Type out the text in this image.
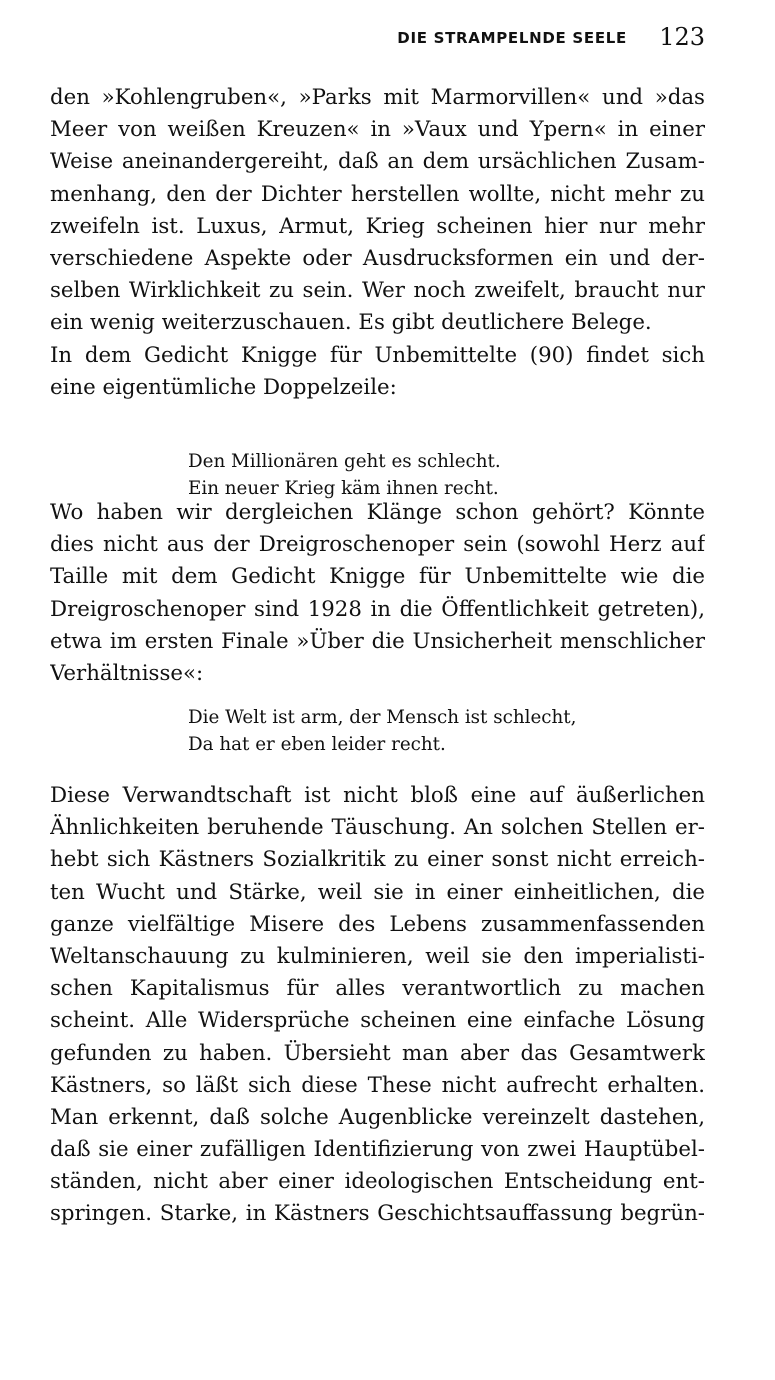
DIE STRAMPELNDE SEELE 123
den »Kohlengruben«, »Parks mit Marmorvillen« und »das
Meer von weißen Kreuzen« in »Vaux und Ypern« in einer
Weise aneinandergereiht, daß an dem ursächlichen Zusam-
menhang, den der Dichter herstellen wollte, nicht mehr zu
zweifeln ist. Luxus, Armut, Krieg scheinen hier nur mehr
verschiedene Aspekte oder Ausdrucksformen ein und der-
selben Wirklichkeit zu sein. Wer noch zweifelt, braucht nur
ein wenig weiterzuschauen. Es gibt deutlichere Belege.
In dem Gedicht Knigge für Unbemittelte (90) findet sich
eine eigentümliche Doppelzeile:
Den Millionären geht es schlecht.
Ein neuer Krieg käm ihnen recht.
Wo haben wir dergleichen Klänge schon gehört? Könnte
dies nicht aus der Dreigroschenoper sein (sowohl Herz auf
Taille mit dem Gedicht Knigge für Unbemittelte wie die
Dreigroschenoper sind 1928 in die Öffentlichkeit getreten),
etwa im ersten Finale »Über die Unsicherheit menschlicher
Verhältnisse«:
Die Welt ist arm, der Mensch ist schlecht,
Da hat er eben leider recht.
Diese Verwandtschaft ist nicht bloß eine auf äußerlichen
Ähnlichkeiten beruhende Täuschung. An solchen Stellen er-
hebt sich Kästners Sozialkritik zu einer sonst nicht erreich-
ten Wucht und Stärke, weil sie in einer einheitlichen, die
ganze vielfältige Misere des Lebens zusammenfassenden
Weltanschauung zu kulminieren, weil sie den imperialisti-
schen Kapitalismus für alles verantwortlich zu machen
scheint. Alle Widersprüche scheinen eine einfache Lösung
gefunden zu haben. Übersieht man aber das Gesamtwerk
Kästners, so läßt sich diese These nicht aufrecht erhalten.
Man erkennt, daß solche Augenblicke vereinzelt dastehen,
daß sie einer zufälligen Identifizierung von zwei Hauptübel-
ständen, nicht aber einer ideologischen Entscheidung ent-
springen. Starke, in Kästners Geschichtsauffassung begrün-
